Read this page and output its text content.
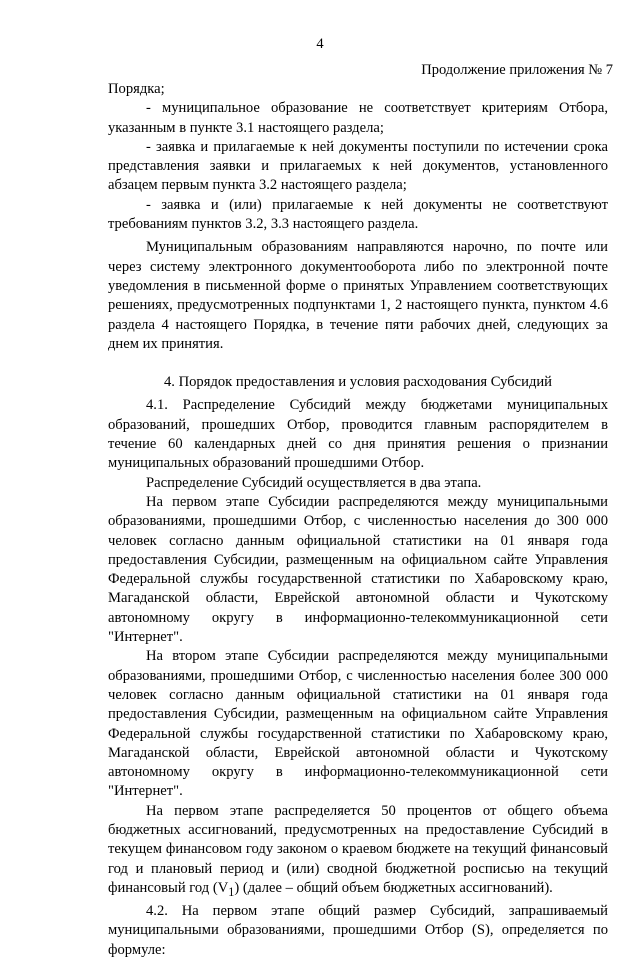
4
Продолжение приложения № 7

Порядка;

- муниципальное образование не соответствует критериям Отбора, указанным в пункте 3.1 настоящего раздела;

- заявка и прилагаемые к ней документы поступили по истечении срока представления заявки и прилагаемых к ней документов, установленного абзацем первым пункта 3.2 настоящего раздела;

- заявка и (или) прилагаемые к ней документы не соответствуют требованиям пунктов 3.2, 3.3 настоящего раздела.

Муниципальным образованиям направляются нарочно, по почте или через систему электронного документооборота либо по электронной почте уведомления в письменной форме о принятых Управлением соответствующих решениях, предусмотренных подпунктами 1, 2 настоящего пункта, пунктом 4.6 раздела 4 настоящего Порядка, в течение пяти рабочих дней, следующих за днем их принятия.

4. Порядок предоставления и условия расходования Субсидий

4.1. Распределение Субсидий между бюджетами муниципальных образований, прошедших Отбор, проводится главным распорядителем в течение 60 календарных дней со дня принятия решения о признании муниципальных образований прошедшими Отбор.

Распределение Субсидий осуществляется в два этапа.

На первом этапе Субсидии распределяются между муниципальными образованиями, прошедшими Отбор, с численностью населения до 300 000 человек согласно данным официальной статистики на 01 января года предоставления Субсидии, размещенным на официальном сайте Управления Федеральной службы государственной статистики по Хабаровскому краю, Магаданской области, Еврейской автономной области и Чукотскому автономному округу в информационно-телекоммуникационной сети "Интернет".

На втором этапе Субсидии распределяются между муниципальными образованиями, прошедшими Отбор, с численностью населения более 300 000 человек согласно данным официальной статистики на 01 января года предоставления Субсидии, размещенным на официальном сайте Управления Федеральной службы государственной статистики по Хабаровскому краю, Магаданской области, Еврейской автономной области и Чукотскому автономному округу в информационно-телекоммуникационной сети "Интернет".

На первом этапе распределяется 50 процентов от общего объема бюджетных ассигнований, предусмотренных на предоставление Субсидий в текущем финансовом году законом о краевом бюджете на текущий финансовый год и плановый период и (или) сводной бюджетной росписью на текущий финансовый год $(V_1)$ (далее – общий объем бюджетных ассигнований).

4.2. На первом этапе общий размер Субсидий, запрашиваемый муниципальными образованиями, прошедшими Отбор (S), определяется по формуле:
